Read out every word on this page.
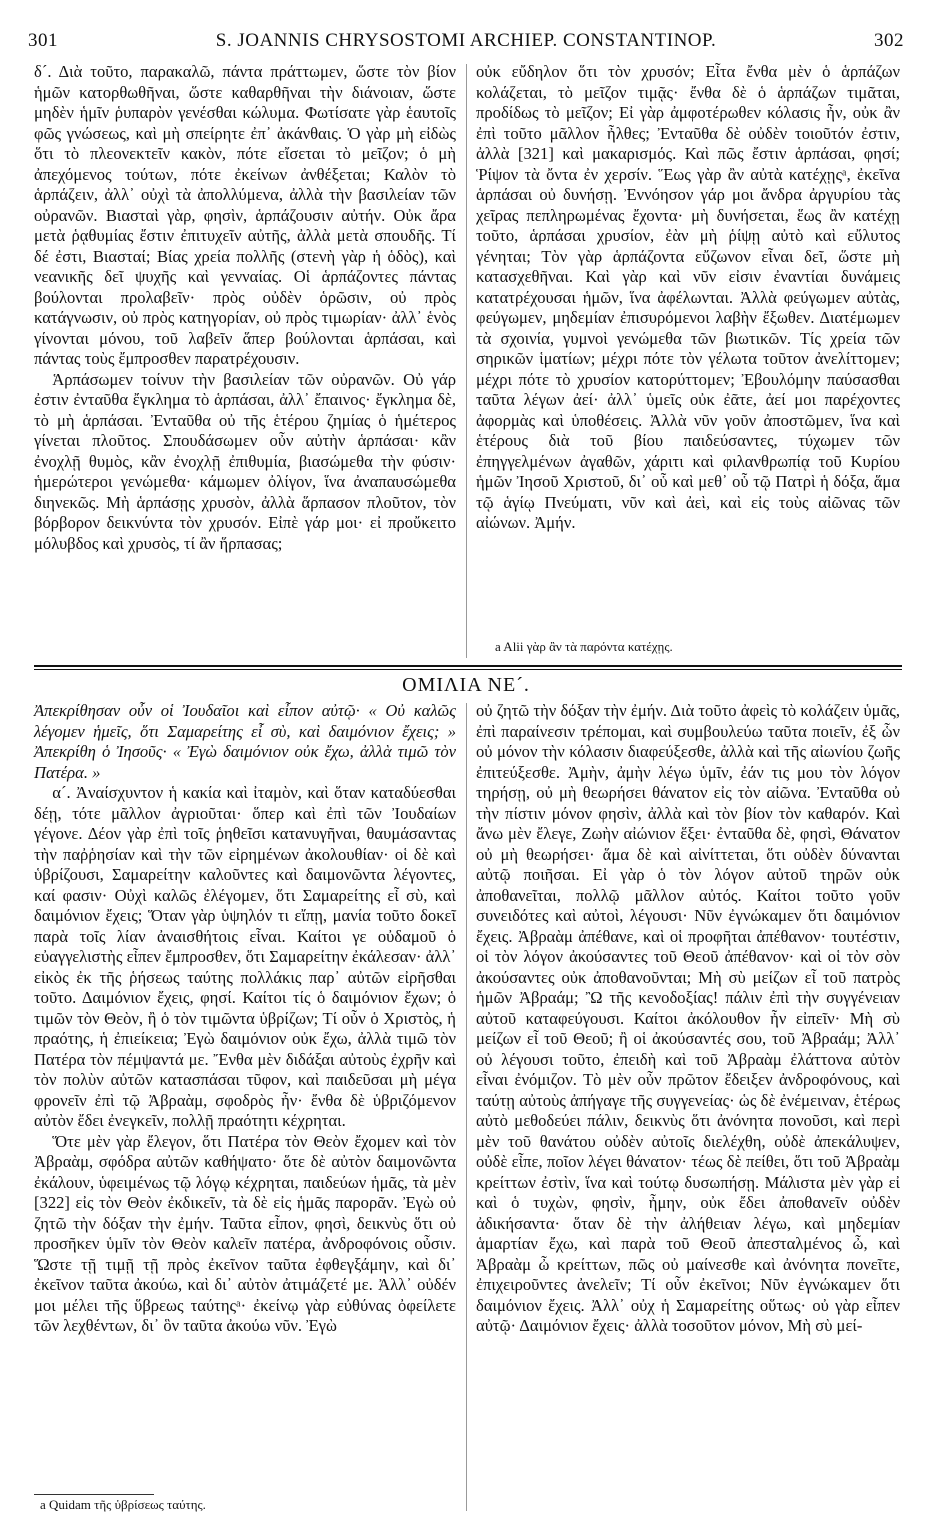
301	S. JOANNIS CHRYSOSTOMI ARCHIEP. CONSTANTINOP.	302

δ´. Διὰ τοῦτο, παρακαλῶ, πάντα πράττωμεν, ὥστε τὸν βίον ἡμῶν κατορθωθῆναι, ὥστε καθαρθῆναι τὴν διάνοιαν, ὥστε μηδὲν ἡμῖν ῥυπαρὸν γενέσθαι κώλυμα. Φωτίσατε γὰρ ἑαυτοῖς φῶς γνώσεως, καὶ μὴ σπείρητε ἐπ᾽ ἀκάνθαις. Ὁ γὰρ μὴ εἰδὼς ὅτι τὸ πλεονεκτεῖν κακὸν, πότε εἴσεται τὸ μεῖζον; ὁ μὴ ἀπεχόμενος τούτων, πότε ἐκείνων ἀνθέξεται; Καλὸν τὸ ἁρπάζειν, ἀλλ᾽ οὐχὶ τὰ ἀπολλύμενα, ἀλλὰ τὴν βασιλείαν τῶν οὐρανῶν. Βιασταὶ γὰρ, φησὶν, ἁρπάζουσιν αὐτήν. Οὐκ ἄρα μετὰ ῥᾳθυμίας ἔστιν ἐπιτυχεῖν αὐτῆς, ἀλλὰ μετὰ σπουδῆς. Τί δέ ἐστι, Βιασταί; Βίας χρεία πολλῆς (στενὴ γὰρ ἡ ὁδὸς), καὶ νεανικῆς δεῖ ψυχῆς καὶ γενναίας. Οἱ ἁρπάζοντες πάντας βούλονται προλαβεῖν· πρὸς οὐδὲν ὁρῶσιν, οὐ πρὸς κατάγνωσιν, οὐ πρὸς κατηγορίαν, οὐ πρὸς τιμωρίαν· ἀλλ᾽ ἑνὸς γίνονται μόνου, τοῦ λαβεῖν ἅπερ βούλονται ἁρπάσαι, καὶ πάντας τοὺς ἔμπροσθεν παρατρέχουσιν.

Ἁρπάσωμεν τοίνυν τὴν βασιλείαν τῶν οὐρανῶν. Οὐ γάρ ἐστιν ἐνταῦθα ἔγκλημα τὸ ἁρπάσαι, ἀλλ᾽ ἔπαινος· ἔγκλημα δὲ, τὸ μὴ ἁρπάσαι. Ἐνταῦθα οὐ τῆς ἑτέρου ζημίας ὁ ἡμέτερος γίνεται πλοῦτος. Σπουδάσωμεν οὖν αὐτὴν ἁρπάσαι· κἂν ἐνοχλῇ θυμὸς, κἂν ἐνοχλῇ ἐπιθυμία, βιασώμεθα τὴν φύσιν· ἡμερώτεροι γενώμεθα· κάμωμεν ὀλίγον, ἵνα ἀναπαυσώμεθα διηνεκῶς. Μὴ ἁρπάσῃς χρυσὸν, ἀλλὰ ἅρπασον πλοῦτον, τὸν βόρβορον δεικνύντα τὸν χρυσόν. Εἰπὲ γάρ μοι· εἰ προὔκειτο μόλυβδος καὶ χρυσὸς, τί ἂν ἥρπασας;

οὐκ εὔδηλον ὅτι τὸν χρυσόν; Εἶτα ἔνθα μὲν ὁ ἁρπάζων κολάζεται, τὸ μεῖζον τιμᾷς· ἔνθα δὲ ὁ ἁρπάζων τιμᾶται, προδίδως τὸ μεῖζον; Εἰ γὰρ ἀμφοτέρωθεν κόλασις ἦν, οὐκ ἂν ἐπὶ τοῦτο μᾶλλον ἦλθες; Ἐνταῦθα δὲ οὐδὲν τοιοῦτόν ἐστιν, ἀλλὰ [321] καὶ μακαρισμός. Καὶ πῶς ἔστιν ἁρπάσαι, φησί; Ῥίψον τὰ ὄντα ἐν χερσίν. Ἕως γὰρ ἂν αὐτὰ κατέχῃςᵃ, ἐκεῖνα ἁρπάσαι οὐ δυνήσῃ. Ἐννόησον γάρ μοι ἄνδρα ἀργυρίου τὰς χεῖρας πεπληρωμένας ἔχοντα· μὴ δυνήσεται, ἕως ἂν κατέχῃ τοῦτο, ἁρπάσαι χρυσίον, ἐὰν μὴ ῥίψῃ αὐτὸ καὶ εὔλυτος γένηται; Τὸν γὰρ ἁρπάζοντα εὔζωνον εἶναι δεῖ, ὥστε μὴ κατασχεθῆναι. Καὶ γὰρ καὶ νῦν εἰσιν ἐναντίαι δυνάμεις κατατρέχουσαι ἡμῶν, ἵνα ἀφέλωνται. Ἀλλὰ φεύγωμεν αὐτὰς, φεύγωμεν, μηδεμίαν ἐπισυρόμενοι λαβὴν ἔξωθεν. Διατέμωμεν τὰ σχοινία, γυμνοὶ γενώμεθα τῶν βιωτικῶν. Τίς χρεία τῶν σηρικῶν ἱματίων; μέχρι πότε τὸν γέλωτα τοῦτον ἀνελίττομεν; μέχρι πότε τὸ χρυσίον κατορύττομεν; Ἐβουλόμην παύσασθαι ταῦτα λέγων ἀεί· ἀλλ᾽ ὑμεῖς οὐκ ἐᾶτε, ἀεί μοι παρέχοντες ἀφορμὰς καὶ ὑποθέσεις. Ἀλλὰ νῦν γοῦν ἀποστῶμεν, ἵνα καὶ ἑτέρους διὰ τοῦ βίου παιδεύσαντες, τύχωμεν τῶν ἐπηγγελμένων ἀγαθῶν, χάριτι καὶ φιλανθρωπίᾳ τοῦ Κυρίου ἡμῶν Ἰησοῦ Χριστοῦ, δι᾽ οὗ καὶ μεθ᾽ οὗ τῷ Πατρὶ ἡ δόξα, ἅμα τῷ ἁγίῳ Πνεύματι, νῦν καὶ ἀεὶ, καὶ εἰς τοὺς αἰῶνας τῶν αἰώνων. Ἀμήν.

a Alii γὰρ ἂν τὰ παρόντα κατέχῃς.
ΟΜΙΛΙΑ ΝΕ´.

Ἀπεκρίθησαν οὖν οἱ Ἰουδαῖοι καὶ εἶπον αὐτῷ· « Οὐ καλῶς λέγομεν ἡμεῖς, ὅτι Σαμαρείτης εἶ σὺ, καὶ δαιμόνιον ἔχεις; » Ἀπεκρίθη ὁ Ἰησοῦς· « Ἐγὼ δαιμόνιον οὐκ ἔχω, ἀλλὰ τιμῶ τὸν Πατέρα. »

α´. Ἀναίσχυντον ἡ κακία καὶ ἰταμὸν, καὶ ὅταν καταδύεσθαι δέῃ, τότε μᾶλλον ἀγριοῦται· ὅπερ καὶ ἐπὶ τῶν Ἰουδαίων γέγονε. Δέον γὰρ ἐπὶ τοῖς ῥηθεῖσι κατανυγῆναι, θαυμάσαντας τὴν παῤῥησίαν καὶ τὴν τῶν εἰρημένων ἀκολουθίαν· οἱ δὲ καὶ ὑβρίζουσι, Σαμαρείτην καλοῦντες καὶ δαιμονῶντα λέγοντες, καί φασιν· Οὐχὶ καλῶς ἐλέγομεν, ὅτι Σαμαρείτης εἶ σὺ, καὶ δαιμόνιον ἔχεις; Ὅταν γὰρ ὑψηλόν τι εἴπῃ, μανία τοῦτο δοκεῖ παρὰ τοῖς λίαν ἀναισθήτοις εἶναι. Καίτοι γε οὐδαμοῦ ὁ εὐαγγελιστὴς εἶπεν ἔμπροσθεν, ὅτι Σαμαρείτην ἐκάλεσαν· ἀλλ᾽ εἰκὸς ἐκ τῆς ῥήσεως ταύτης πολλάκις παρ᾽ αὐτῶν εἰρῆσθαι τοῦτο. Δαιμόνιον ἔχεις, φησί. Καίτοι τίς ὁ δαιμόνιον ἔχων; ὁ τιμῶν τὸν Θεὸν, ἢ ὁ τὸν τιμῶντα ὑβρίζων; Τί οὖν ὁ Χριστὸς, ἡ πραότης, ἡ ἐπιείκεια; Ἐγὼ δαιμόνιον οὐκ ἔχω, ἀλλὰ τιμῶ τὸν Πατέρα τὸν πέμψαντά με. Ἔνθα μὲν διδάξαι αὐτοὺς ἐχρῆν καὶ τὸν πολὺν αὐτῶν κατασπάσαι τῦφον, καὶ παιδεῦσαι μὴ μέγα φρονεῖν ἐπὶ τῷ Ἀβραὰμ, σφοδρὸς ἦν· ἔνθα δὲ ὑβριζόμενον αὐτὸν ἔδει ἐνεγκεῖν, πολλῇ πραότητι κέχρηται.

Ὅτε μὲν γὰρ ἔλεγον, ὅτι Πατέρα τὸν Θεὸν ἔχομεν καὶ τὸν Ἀβραὰμ, σφόδρα αὐτῶν καθήψατο· ὅτε δὲ αὐτὸν δαιμονῶντα ἐκάλουν, ὑφειμένως τῷ λόγῳ κέχρηται, παιδεύων ἡμᾶς, τὰ μὲν [322] εἰς τὸν Θεὸν ἐκδικεῖν, τὰ δὲ εἰς ἡμᾶς παρορᾶν. Ἐγὼ οὐ ζητῶ τὴν δόξαν τὴν ἐμήν. Ταῦτα εἶπον, φησὶ, δεικνὺς ὅτι οὐ προσῆκεν ὑμῖν τὸν Θεὸν καλεῖν πατέρα, ἀνδροφόνοις οὖσιν. Ὥστε τῇ τιμῇ τῇ πρὸς ἐκεῖνον ταῦτα ἐφθεγξάμην, καὶ δι᾽ ἐκεῖνον ταῦτα ἀκούω, καὶ δι᾽ αὐτὸν ἀτιμάζετέ με. Ἀλλ᾽ οὐδέν μοι μέλει τῆς ὕβρεως ταύτηςᵃ· ἐκείνῳ γὰρ εὐθύνας ὀφείλετε τῶν λεχθέντων, δι᾽ ὃν ταῦτα ἀκούω νῦν. Ἐγὼ

οὐ ζητῶ τὴν δόξαν τὴν ἐμήν. Διὰ τοῦτο ἀφεὶς τὸ κολάζειν ὑμᾶς, ἐπὶ παραίνεσιν τρέπομαι, καὶ συμβουλεύω ταῦτα ποιεῖν, ἐξ ὧν οὐ μόνον τὴν κόλασιν διαφεύξεσθε, ἀλλὰ καὶ τῆς αἰωνίου ζωῆς ἐπιτεύξεσθε. Ἀμὴν, ἀμὴν λέγω ὑμῖν, ἐάν τις μου τὸν λόγον τηρήσῃ, οὐ μὴ θεωρήσει θάνατον εἰς τὸν αἰῶνα. Ἐνταῦθα οὐ τὴν πίστιν μόνον φησὶν, ἀλλὰ καὶ τὸν βίον τὸν καθαρόν. Καὶ ἄνω μὲν ἔλεγε, Ζωὴν αἰώνιον ἕξει· ἐνταῦθα δὲ, φησὶ, Θάνατον οὐ μὴ θεωρήσει· ἅμα δὲ καὶ αἰνίττεται, ὅτι οὐδὲν δύνανται αὐτῷ ποιῆσαι. Εἰ γὰρ ὁ τὸν λόγον αὐτοῦ τηρῶν οὐκ ἀποθανεῖται, πολλῷ μᾶλλον αὐτός. Καίτοι τοῦτο γοῦν συνειδότες καὶ αὐτοὶ, λέγουσι· Νῦν ἐγνώκαμεν ὅτι δαιμόνιον ἔχεις. Ἀβραὰμ ἀπέθανε, καὶ οἱ προφῆται ἀπέθανον· τουτέστιν, οἱ τὸν λόγον ἀκούσαντες τοῦ Θεοῦ ἀπέθανον· καὶ οἱ τὸν σὸν ἀκούσαντες οὐκ ἀποθανοῦνται; Μὴ σὺ μείζων εἶ τοῦ πατρὸς ἡμῶν Ἀβραάμ; Ὢ τῆς κενοδοξίας! πάλιν ἐπὶ τὴν συγγένειαν αὐτοῦ καταφεύγουσι. Καίτοι ἀκόλουθον ἦν εἰπεῖν· Μὴ σὺ μείζων εἶ τοῦ Θεοῦ; ἢ οἱ ἀκούσαντές σου, τοῦ Ἀβραάμ; Ἀλλ᾽ οὐ λέγουσι τοῦτο, ἐπειδὴ καὶ τοῦ Ἀβραὰμ ἐλάττονα αὐτὸν εἶναι ἐνόμιζον. Τὸ μὲν οὖν πρῶτον ἔδειξεν ἀνδροφόνους, καὶ ταύτῃ αὐτοὺς ἀπήγαγε τῆς συγγενείας· ὡς δὲ ἐνέμειναν, ἑτέρως αὐτὸ μεθοδεύει πάλιν, δεικνὺς ὅτι ἀνόνητα πονοῦσι, καὶ περὶ μὲν τοῦ θανάτου οὐδὲν αὐτοῖς διελέχθη, οὐδὲ ἀπεκάλυψεν, οὐδὲ εἶπε, ποῖον λέγει θάνατον· τέως δὲ πείθει, ὅτι τοῦ Ἀβραὰμ κρείττων ἐστὶν, ἵνα καὶ τούτῳ δυσωπήσῃ. Μάλιστα μὲν γὰρ εἰ καὶ ὁ τυχὼν, φησὶν, ἦμην, οὐκ ἔδει ἀποθανεῖν οὐδὲν ἀδικήσαντα· ὅταν δὲ τὴν ἀλήθειαν λέγω, καὶ μηδεμίαν ἁμαρτίαν ἔχω, καὶ παρὰ τοῦ Θεοῦ ἀπεσταλμένος ὦ, καὶ Ἀβραὰμ ὦ κρείττων, πῶς οὐ μαίνεσθε καὶ ἀνόνητα πονεῖτε, ἐπιχειροῦντες ἀνελεῖν; Τί οὖν ἐκεῖνοι; Νῦν ἐγνώκαμεν ὅτι δαιμόνιον ἔχεις. Ἀλλ᾽ οὐχ ἡ Σαμαρείτης οὕτως· οὐ γὰρ εἶπεν αὐτῷ· Δαιμόνιον ἔχεις· ἀλλὰ τοσοῦτον μόνον, Μὴ σὺ μεί-

a Quidam τῆς ὑβρίσεως ταύτης.
